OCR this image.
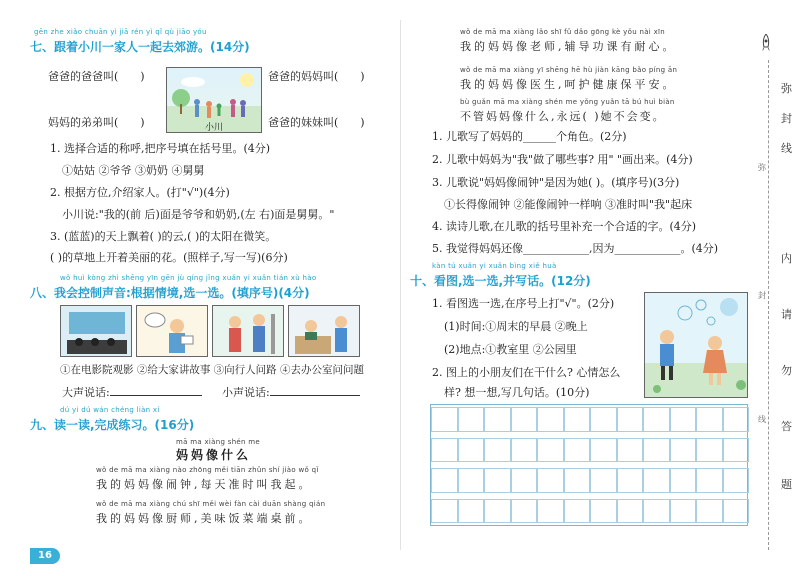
gēn zhe xiǎo chuān yì jiā rén yì qǐ qù jiāo yóu
七、跟着小川一家人一起去郊游。(14分)
爸爸的爸爸叫( )	爸爸的妈妈叫( )
妈妈的弟弟叫( )	爸爸的妹妹叫( )
小川
1. 选择合适的称呼,把序号填在括号里。(4分)
①姑姑 ②爷爷 ③奶奶 ④舅舅
2. 根据方位,介绍家人。(打"√")(4分)
小川说:"我的(前 后)面是爷爷和奶奶,(左 右)面是舅舅。"
3. (蓝蓝)的天上飘着( )的云,( )的太阳在微笑。
( )的草地上开着美丽的花。(照样子,写一写)(6分)
wǒ huì kòng zhì shēng yīn gēn jù qíng jǐng xuǎn yi xuǎn tián xù hào
八、我会控制声音:根据情境,选一选。(填序号)(4分)
①在电影院观影 ②给大家讲故事 ③向行人问路 ④去办公室问问题
大声说话:	小声说话:
dú yi dú wán chéng liàn xí
九、读一读,完成练习。(16分)
mā ma xiàng shén me
妈妈像什么
wǒ de mā ma xiàng nào zhōng měi tiān zhǔn shí jiào wǒ qǐ
我的妈妈像闹钟,每天准时叫我起。
wǒ de mā ma xiàng chú shī měi wèi fàn cài duān shàng qián
我的妈妈像厨师,美味饭菜端桌前。
16
wǒ de mā ma xiàng lǎo shī fǔ dǎo gōng kè yǒu nài xīn
我的妈妈像老师,辅导功课有耐心。
wǒ de mā ma xiàng yī shēng hē hù jiàn kāng bǎo píng ān
我的妈妈像医生,呵护健康保平安。
bù guǎn mā ma xiàng shén me yǒng yuǎn tā bú huì biàn
不管妈妈像什么,永远( )她不会变。
1. 儿歌写了妈妈的______个角色。(2分)
2. 儿歌中妈妈为"我"做了哪些事? 用" "画出来。(4分)
3. 儿歌说"妈妈像闹钟"是因为她( )。(填序号)(3分)
①长得像闹钟 ②能像闹钟一样响 ③准时叫"我"起床
4. 读诗儿歌,在儿歌的括号里补充一个合适的字。(4分)
5. 我觉得妈妈还像____________,因为____________。(4分)
kàn tú xuǎn yi xuǎn bìng xiě huà
十、看图,选一选,并写话。(12分)
1. 看图选一选,在序号上打"√"。(2分)
(1)时间:①周末的早晨 ②晚上
(2)地点:①教室里 ②公园里
2. 图上的小朋友们在干什么? 心情怎么
样? 想一想,写几句话。(10分)
弥
封
线
内
请
勿
答
题
弥
封
线
